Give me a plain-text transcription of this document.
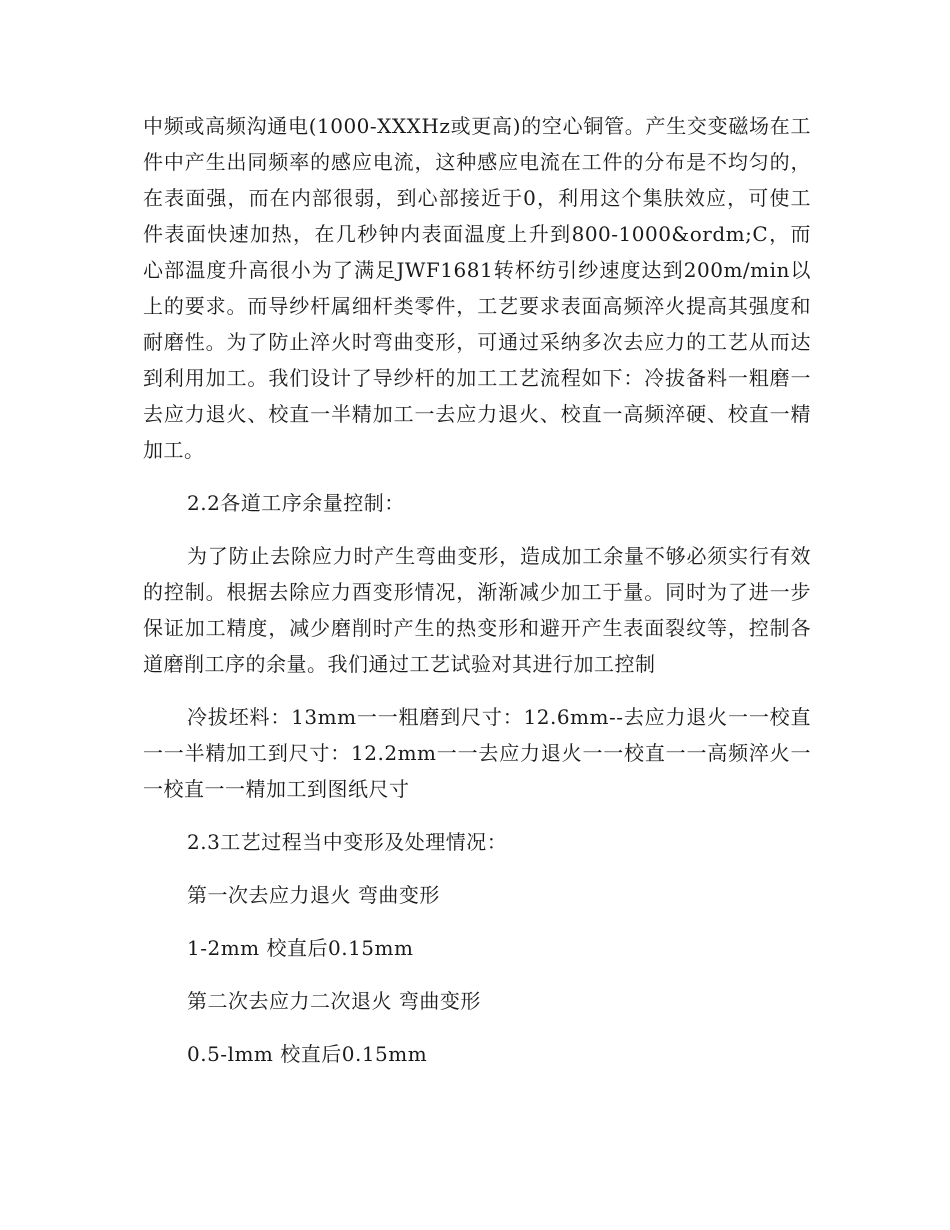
中频或高频沟通电(1000-XXXHz或更高)的空心铜管。产生交变磁场在工件中产生出同频率的感应电流，这种感应电流在工件的分布是不均匀的，在表面强，而在内部很弱，到心部接近于0，利用这个集肤效应，可使工件表面快速加热，在几秒钟内表面温度上升到800-1000&ordm;C，而心部温度升高很小为了满足JWF1681转杯纺引纱速度达到200m/min以上的要求。而导纱杆属细杆类零件，工艺要求表面高频淬火提高其强度和耐磨性。为了防止淬火时弯曲变形，可通过采纳多次去应力的工艺从而达到利用加工。我们设计了导纱杆的加工工艺流程如下：冷拔备料一粗磨一去应力退火、校直一半精加工一去应力退火、校直一高频淬硬、校直一精加工。

2.2各道工序余量控制：

为了防止去除应力时产生弯曲变形，造成加工余量不够必须实行有效的控制。根据去除应力酉变形情况，渐渐减少加工于量。同时为了进一步保证加工精度，减少磨削时产生的热变形和避开产生表面裂纹等，控制各道磨削工序的余量。我们通过工艺试验对其进行加工控制

冷拔坯料：13mm一一粗磨到尺寸：12.6mm--去应力退火一一校直一一半精加工到尺寸：12.2mm一一去应力退火一一校直一一高频淬火一一校直一一精加工到图纸尺寸

2.3工艺过程当中变形及处理情况：

第一次去应力退火 弯曲变形

1-2mm 校直后0.15mm

第二次去应力二次退火 弯曲变形

0.5-lmm 校直后0.15mm
